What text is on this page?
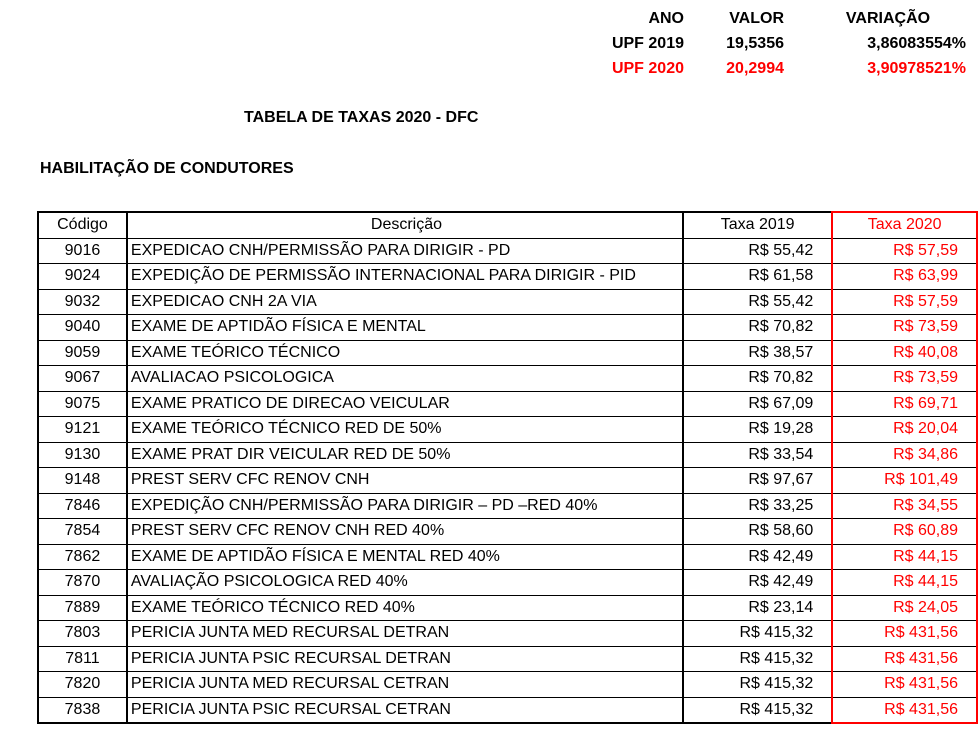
ANO	VALOR	VARIAÇÃO
UPF 2019	19,5356	3,86083554%
UPF 2020	20,2994	3,90978521%
TABELA DE TAXAS 2020 - DFC
HABILITAÇÃO DE CONDUTORES
Código	Descrição	Taxa 2019	Taxa 2020
9016	EXPEDICAO CNH/PERMISSÃO PARA DIRIGIR - PD	R$ 55,42	R$ 57,59
9024	EXPEDIÇÃO DE PERMISSÃO INTERNACIONAL PARA DIRIGIR - PID	R$ 61,58	R$ 63,99
9032	EXPEDICAO CNH 2A VIA	R$ 55,42	R$ 57,59
9040	EXAME DE APTIDÃO FÍSICA E MENTAL	R$ 70,82	R$ 73,59
9059	EXAME TEÓRICO TÉCNICO	R$ 38,57	R$ 40,08
9067	AVALIACAO PSICOLOGICA	R$ 70,82	R$ 73,59
9075	EXAME PRATICO DE DIRECAO VEICULAR	R$ 67,09	R$ 69,71
9121	EXAME TEÓRICO TÉCNICO RED DE 50%	R$ 19,28	R$ 20,04
9130	EXAME PRAT DIR VEICULAR RED DE 50%	R$ 33,54	R$ 34,86
9148	PREST SERV CFC RENOV CNH	R$ 97,67	R$ 101,49
7846	EXPEDIÇÃO CNH/PERMISSÃO PARA DIRIGIR – PD –RED 40%	R$ 33,25	R$ 34,55
7854	PREST SERV CFC RENOV CNH RED 40%	R$ 58,60	R$ 60,89
7862	EXAME DE APTIDÃO FÍSICA E MENTAL RED 40%	R$ 42,49	R$ 44,15
7870	AVALIAÇÃO PSICOLOGICA RED 40%	R$ 42,49	R$ 44,15
7889	EXAME TEÓRICO TÉCNICO RED 40%	R$ 23,14	R$ 24,05
7803	PERICIA JUNTA MED RECURSAL DETRAN	R$ 415,32	R$ 431,56
7811	PERICIA JUNTA PSIC RECURSAL DETRAN	R$ 415,32	R$ 431,56
7820	PERICIA JUNTA MED RECURSAL CETRAN	R$ 415,32	R$ 431,56
7838	PERICIA JUNTA PSIC RECURSAL CETRAN	R$ 415,32	R$ 431,56
